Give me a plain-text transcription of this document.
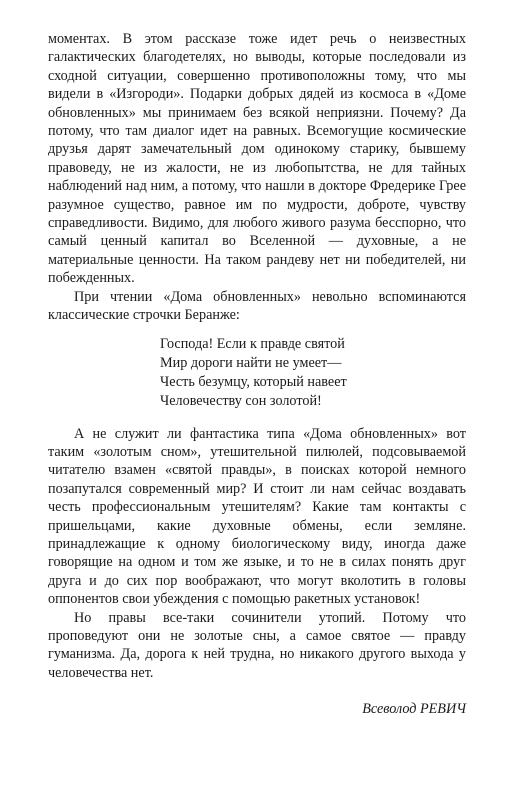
моментах. В этом рассказе тоже идет речь о неизвестных галактических благодетелях, но выводы, которые последовали из сходной ситуации, совершенно противоположны тому, что мы видели в «Изгороди». Подарки добрых дядей из космоса в «Доме обновленных» мы принимаем без всякой неприязни. Почему? Да потому, что там диалог идет на равных. Всемогущие космические друзья дарят замечательный дом одинокому старику, бывшему правоведу, не из жалости, не из любопытства, не для тайных наблюдений над ним, а потому, что нашли в докторе Фредерике Грее разумное существо, равное им по мудрости, доброте, чувству справедливости. Видимо, для любого живого разума бесспорно, что самый ценный капитал во Вселенной — духовные, а не материальные ценности. На таком рандеву нет ни победителей, ни побежденных.

При чтении «Дома обновленных» невольно вспоминаются классические строчки Беранже:

Господа! Если к правде святой
Мир дороги найти не умеет—
Честь безумцу, который навеет
Человечеству сон золотой!

А не служит ли фантастика типа «Дома обновленных» вот таким «золотым сном», утешительной пилюлей, подсовываемой читателю взамен «святой правды», в поисках которой немного позапутался современный мир? И стоит ли нам сейчас воздавать честь профессиональным утешителям? Какие там контакты с пришельцами, какие духовные обмены, если земляне. принадлежащие к одному биологическому виду, иногда даже говорящие на одном и том же языке, и то не в силах понять друг друга и до сих пор воображают, что могут вколотить в головы оппонентов свои убеждения с помощью ракетных установок!

Но правы все-таки сочинители утопий. Потому что проповедуют они не золотые сны, а самое святое — правду гуманизма. Да, дорога к ней трудна, но никакого другого выхода у человечества нет.

Всеволод РЕВИЧ
